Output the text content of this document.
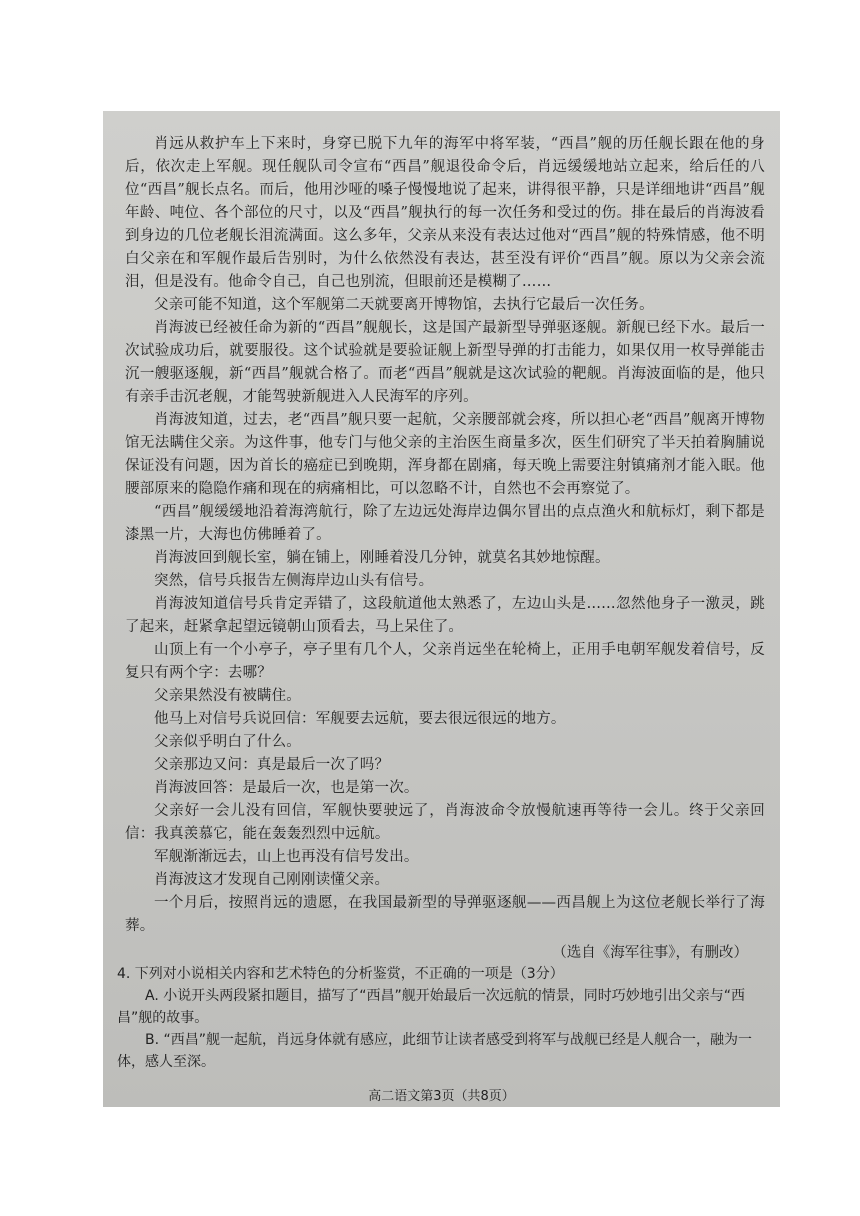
肖远从救护车上下来时，身穿已脱下九年的海军中将军装，“西昌”舰的历任舰长跟在他的身后，依次走上军舰。现任舰队司令宣布“西昌”舰退役命令后，肖远缓缓地站立起来，给后任的八位“西昌”舰长点名。而后，他用沙哑的嗓子慢慢地说了起来，讲得很平静，只是详细地讲“西昌”舰年龄、吨位、各个部位的尺寸，以及“西昌”舰执行的每一次任务和受过的伤。排在最后的肖海波看到身边的几位老舰长泪流满面。这么多年，父亲从来没有表达过他对“西昌”舰的特殊情感，他不明白父亲在和军舰作最后告别时，为什么依然没有表达，甚至没有评价“西昌”舰。原以为父亲会流泪，但是没有。他命令自己，自己也别流，但眼前还是模糊了……

父亲可能不知道，这个军舰第二天就要离开博物馆，去执行它最后一次任务。

肖海波已经被任命为新的“西昌”舰舰长，这是国产最新型导弹驱逐舰。新舰已经下水。最后一次试验成功后，就要服役。这个试验就是要验证舰上新型导弹的打击能力，如果仅用一枚导弹能击沉一艘驱逐舰，新“西昌”舰就合格了。而老“西昌”舰就是这次试验的靶舰。肖海波面临的是，他只有亲手击沉老舰，才能驾驶新舰进入人民海军的序列。

肖海波知道，过去，老“西昌”舰只要一起航，父亲腰部就会疼，所以担心老“西昌”舰离开博物馆无法瞒住父亲。为这件事，他专门与他父亲的主治医生商量多次，医生们研究了半天拍着胸脯说保证没有问题，因为首长的癌症已到晚期，浑身都在剧痛，每天晚上需要注射镇痛剂才能入眠。他腰部原来的隐隐作痛和现在的病痛相比，可以忽略不计，自然也不会再察觉了。

“西昌”舰缓缓地沿着海湾航行，除了左边远处海岸边偶尔冒出的点点渔火和航标灯，剩下都是漆黑一片，大海也仿佛睡着了。

肖海波回到舰长室，躺在铺上，刚睡着没几分钟，就莫名其妙地惊醒。

突然，信号兵报告左侧海岸边山头有信号。

肖海波知道信号兵肯定弄错了，这段航道他太熟悉了，左边山头是……忽然他身子一激灵，跳了起来，赶紧拿起望远镜朝山顶看去，马上呆住了。

山顶上有一个小亭子，亭子里有几个人，父亲肖远坐在轮椅上，正用手电朝军舰发着信号，反复只有两个字：去哪？

父亲果然没有被瞒住。

他马上对信号兵说回信：军舰要去远航，要去很远很远的地方。

父亲似乎明白了什么。

父亲那边又问：真是最后一次了吗？

肖海波回答：是最后一次，也是第一次。

父亲好一会儿没有回信，军舰快要驶远了，肖海波命令放慢航速再等待一会儿。终于父亲回信：我真羡慕它，能在轰轰烈烈中远航。

军舰渐渐远去，山上也再没有信号发出。

肖海波这才发现自己刚刚读懂父亲。

一个月后，按照肖远的遗愿，在我国最新型的导弹驱逐舰——西昌舰上为这位老舰长举行了海葬。

（选自《海军往事》，有删改）

4. 下列对小说相关内容和艺术特色的分析鉴赏，不正确的一项是（3分）

A. 小说开头两段紧扣题目，描写了“西昌”舰开始最后一次远航的情景，同时巧妙地引出父亲与“西昌”舰的故事。

B. “西昌”舰一起航，肖远身体就有感应，此细节让读者感受到将军与战舰已经是人舰合一，融为一体，感人至深。

高二语文第3页（共8页）
